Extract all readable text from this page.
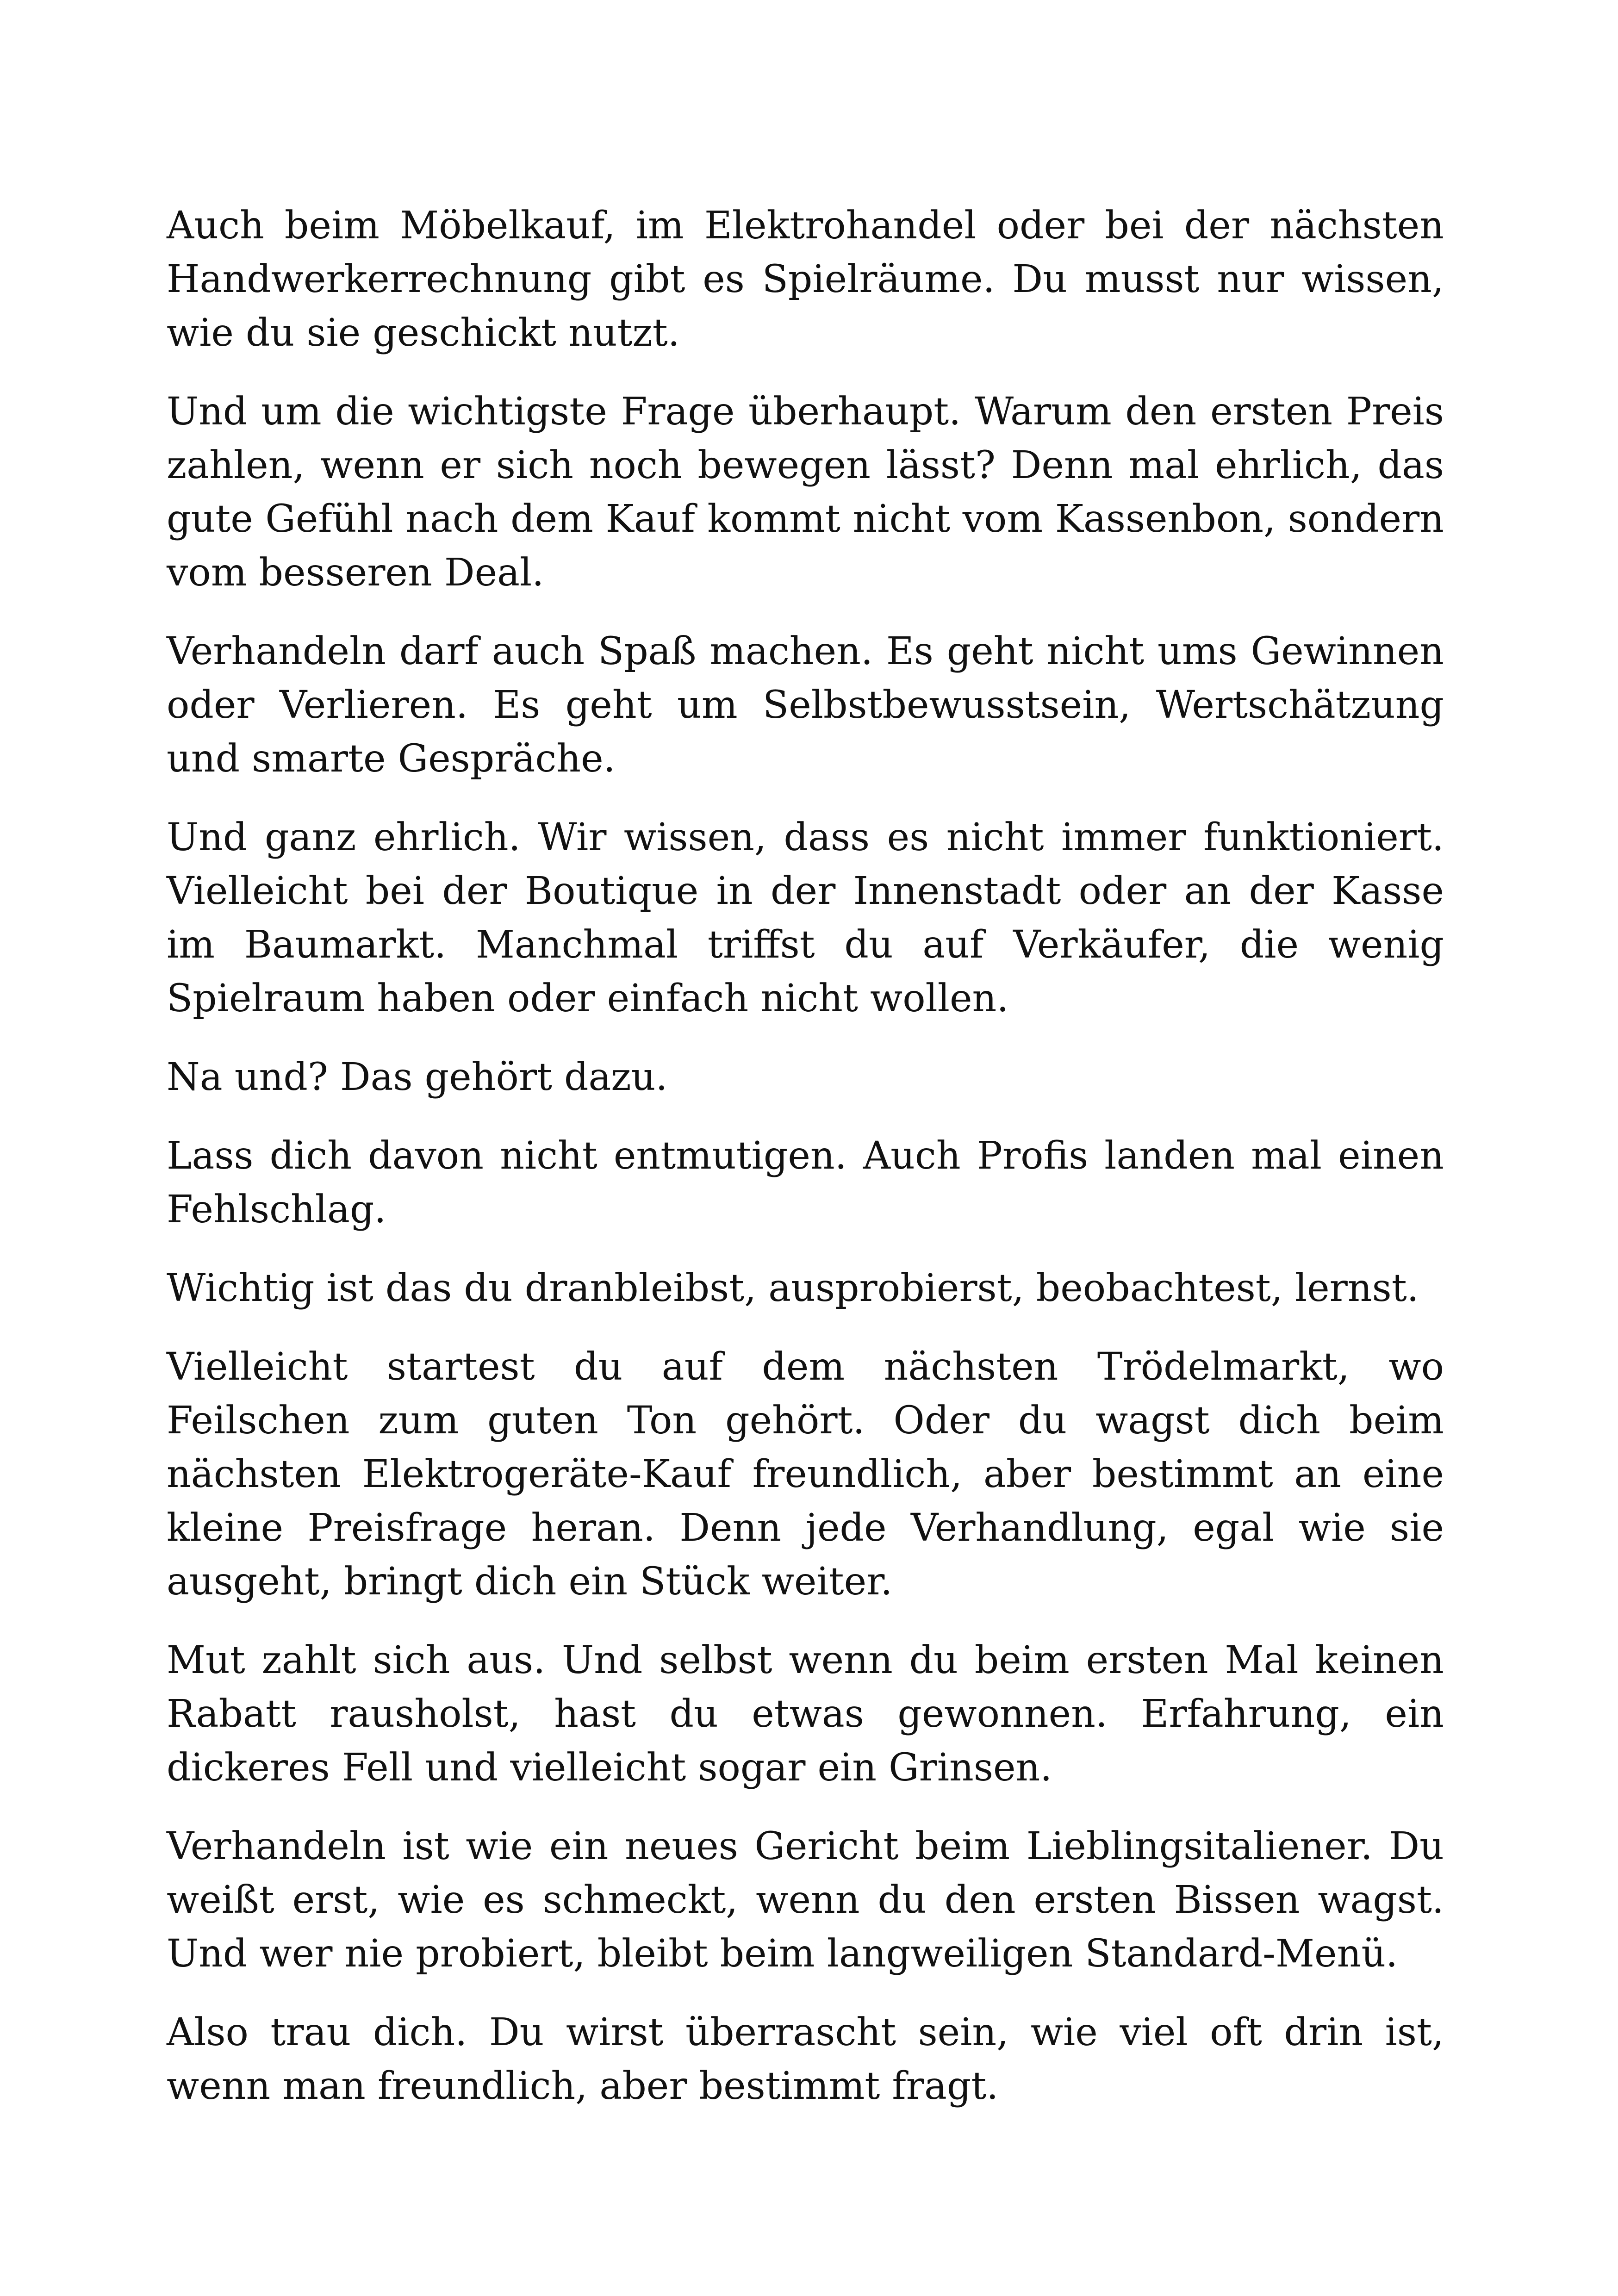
Auch beim Möbelkauf, im Elektrohandel oder bei der nächsten Handwerkerrechnung gibt es Spielräume. Du musst nur wissen, wie du sie geschickt nutzt.

Und um die wichtigste Frage überhaupt. Warum den ersten Preis zahlen, wenn er sich noch bewegen lässt? Denn mal ehrlich, das gute Gefühl nach dem Kauf kommt nicht vom Kassenbon, sondern vom besseren Deal.

Verhandeln darf auch Spaß machen. Es geht nicht ums Gewinnen oder Verlieren. Es geht um Selbstbewusstsein, Wertschätzung und smarte Gespräche.

Und ganz ehrlich. Wir wissen, dass es nicht immer funktioniert. Vielleicht bei der Boutique in der Innenstadt oder an der Kasse im Baumarkt. Manchmal triffst du auf Verkäufer, die wenig Spielraum haben oder einfach nicht wollen.

Na und? Das gehört dazu.

Lass dich davon nicht entmutigen. Auch Profis landen mal einen Fehlschlag.

Wichtig ist das du dranbleibst, ausprobierst, beobachtest, lernst.

Vielleicht startest du auf dem nächsten Trödelmarkt, wo Feilschen zum guten Ton gehört. Oder du wagst dich beim nächsten Elektrogeräte-Kauf freundlich, aber bestimmt an eine kleine Preisfrage heran. Denn jede Verhandlung, egal wie sie ausgeht, bringt dich ein Stück weiter.

Mut zahlt sich aus. Und selbst wenn du beim ersten Mal keinen Rabatt rausholst, hast du etwas gewonnen. Erfahrung, ein dickeres Fell und vielleicht sogar ein Grinsen.

Verhandeln ist wie ein neues Gericht beim Lieblingsitaliener. Du weißt erst, wie es schmeckt, wenn du den ersten Bissen wagst. Und wer nie probiert, bleibt beim langweiligen Standard-Menü.

Also trau dich. Du wirst überrascht sein, wie viel oft drin ist, wenn man freundlich, aber bestimmt fragt.
